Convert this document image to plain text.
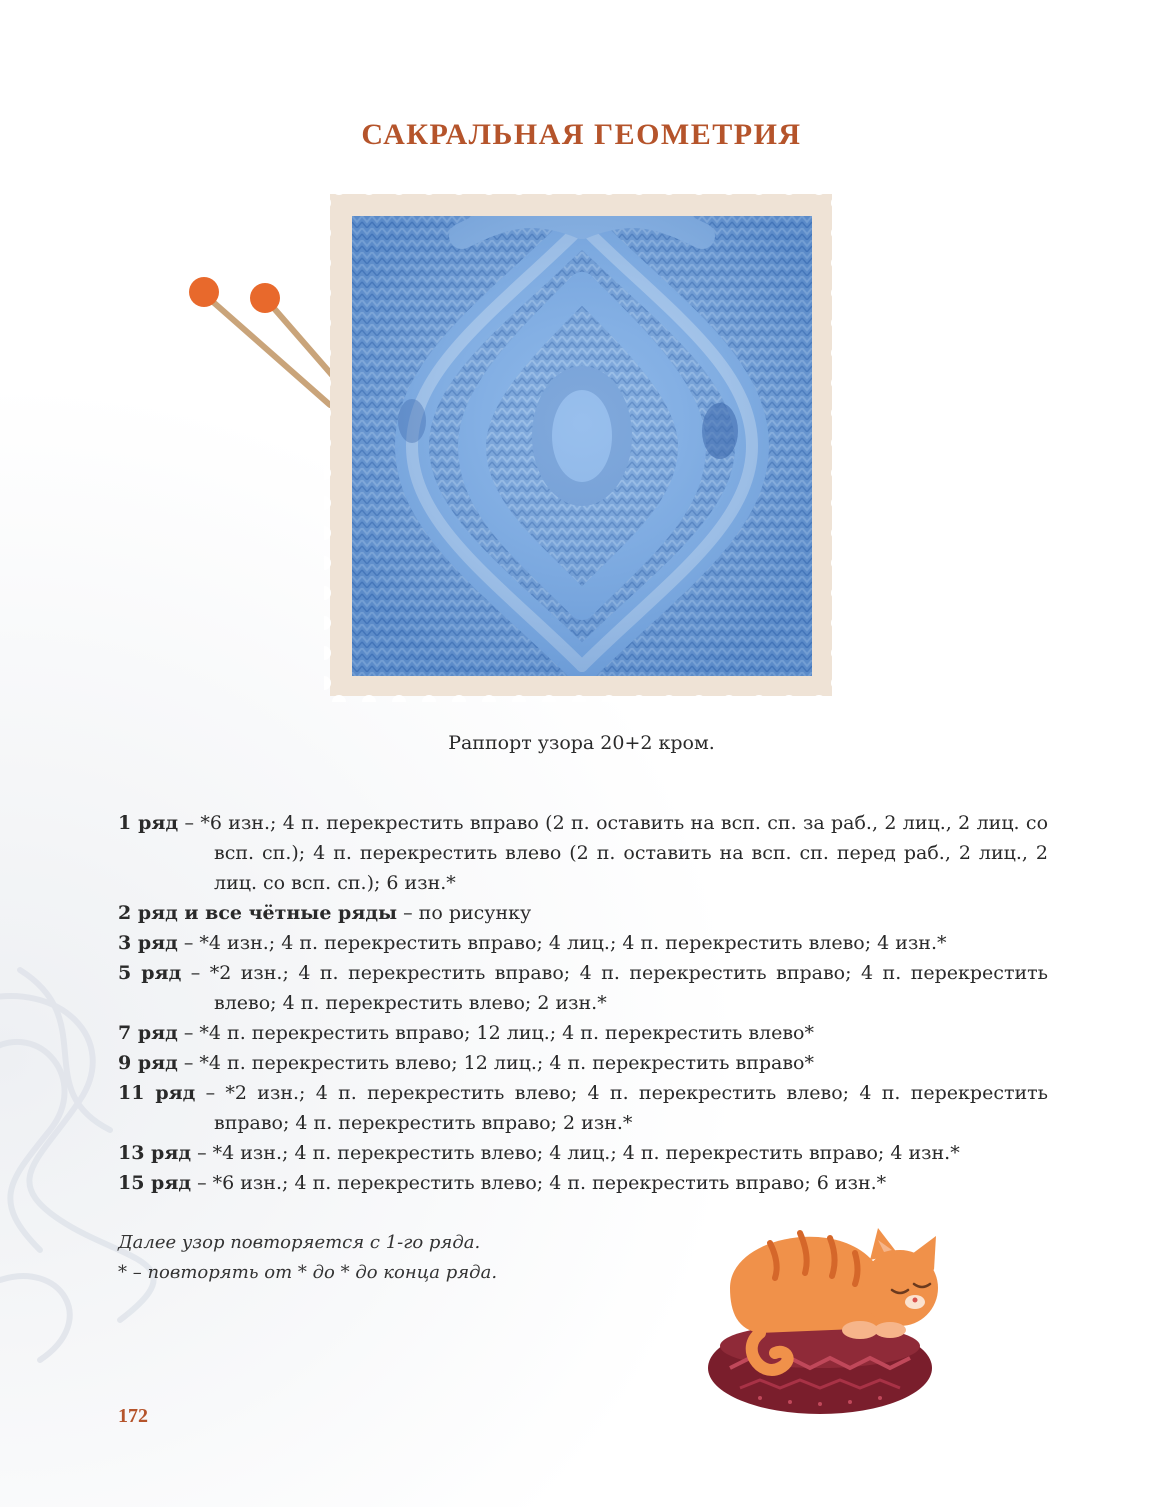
САКРАЛЬНАЯ ГЕОМЕТРИЯ
Раппорт узора 20+2 кром.
1 ряд – *6 изн.; 4 п. перекрестить вправо (2 п. оставить на всп. сп. за раб., 2 лиц., 2 лиц. со всп. сп.); 4 п. перекрестить влево (2 п. оставить на всп. сп. перед раб., 2 лиц., 2 лиц. со всп. сп.); 6 изн.*
2 ряд и все чётные ряды – по рисунку
3 ряд – *4 изн.; 4 п. перекрестить вправо; 4 лиц.; 4 п. перекрестить влево; 4 изн.*
5 ряд – *2 изн.; 4 п. перекрестить вправо; 4 п. перекрестить вправо; 4 п. перекрестить влево; 4 п. перекрестить влево; 2 изн.*
7 ряд – *4 п. перекрестить вправо; 12 лиц.; 4 п. перекрестить влево*
9 ряд – *4 п. перекрестить влево; 12 лиц.; 4 п. перекрестить вправо*
11 ряд – *2 изн.; 4 п. перекрестить влево; 4 п. перекрестить влево; 4 п. перекрестить вправо; 4 п. перекрестить вправо; 2 изн.*
13 ряд – *4 изн.; 4 п. перекрестить влево; 4 лиц.; 4 п. перекрестить вправо; 4 изн.*
15 ряд – *6 изн.; 4 п. перекрестить влево; 4 п. перекрестить вправо; 6 изн.*
Далее узор повторяется с 1-го ряда.
* – повторять от * до * до конца ряда.
172
